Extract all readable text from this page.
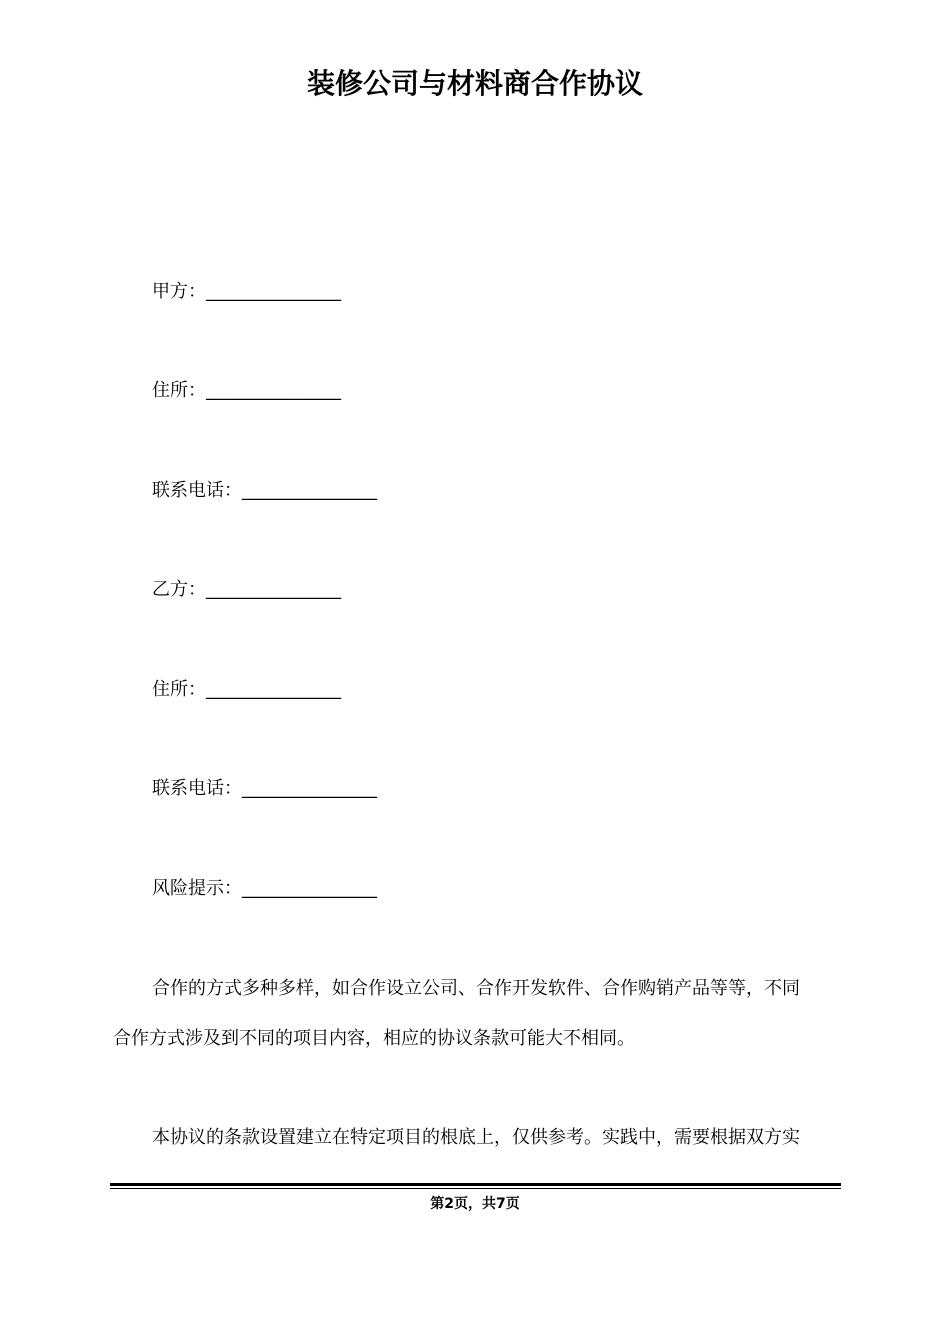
装修公司与材料商合作协议
甲方：_______________
住所：_______________
联系电话：_______________
乙方：_______________
住所：_______________
联系电话：_______________
风险提示：_______________
合作的方式多种多样，如合作设立公司、合作开发软件、合作购销产品等等，不同
合作方式涉及到不同的项目内容，相应的协议条款可能大不相同。
本协议的条款设置建立在特定项目的根底上，仅供参考。实践中，需要根据双方实
第2页，共7页
